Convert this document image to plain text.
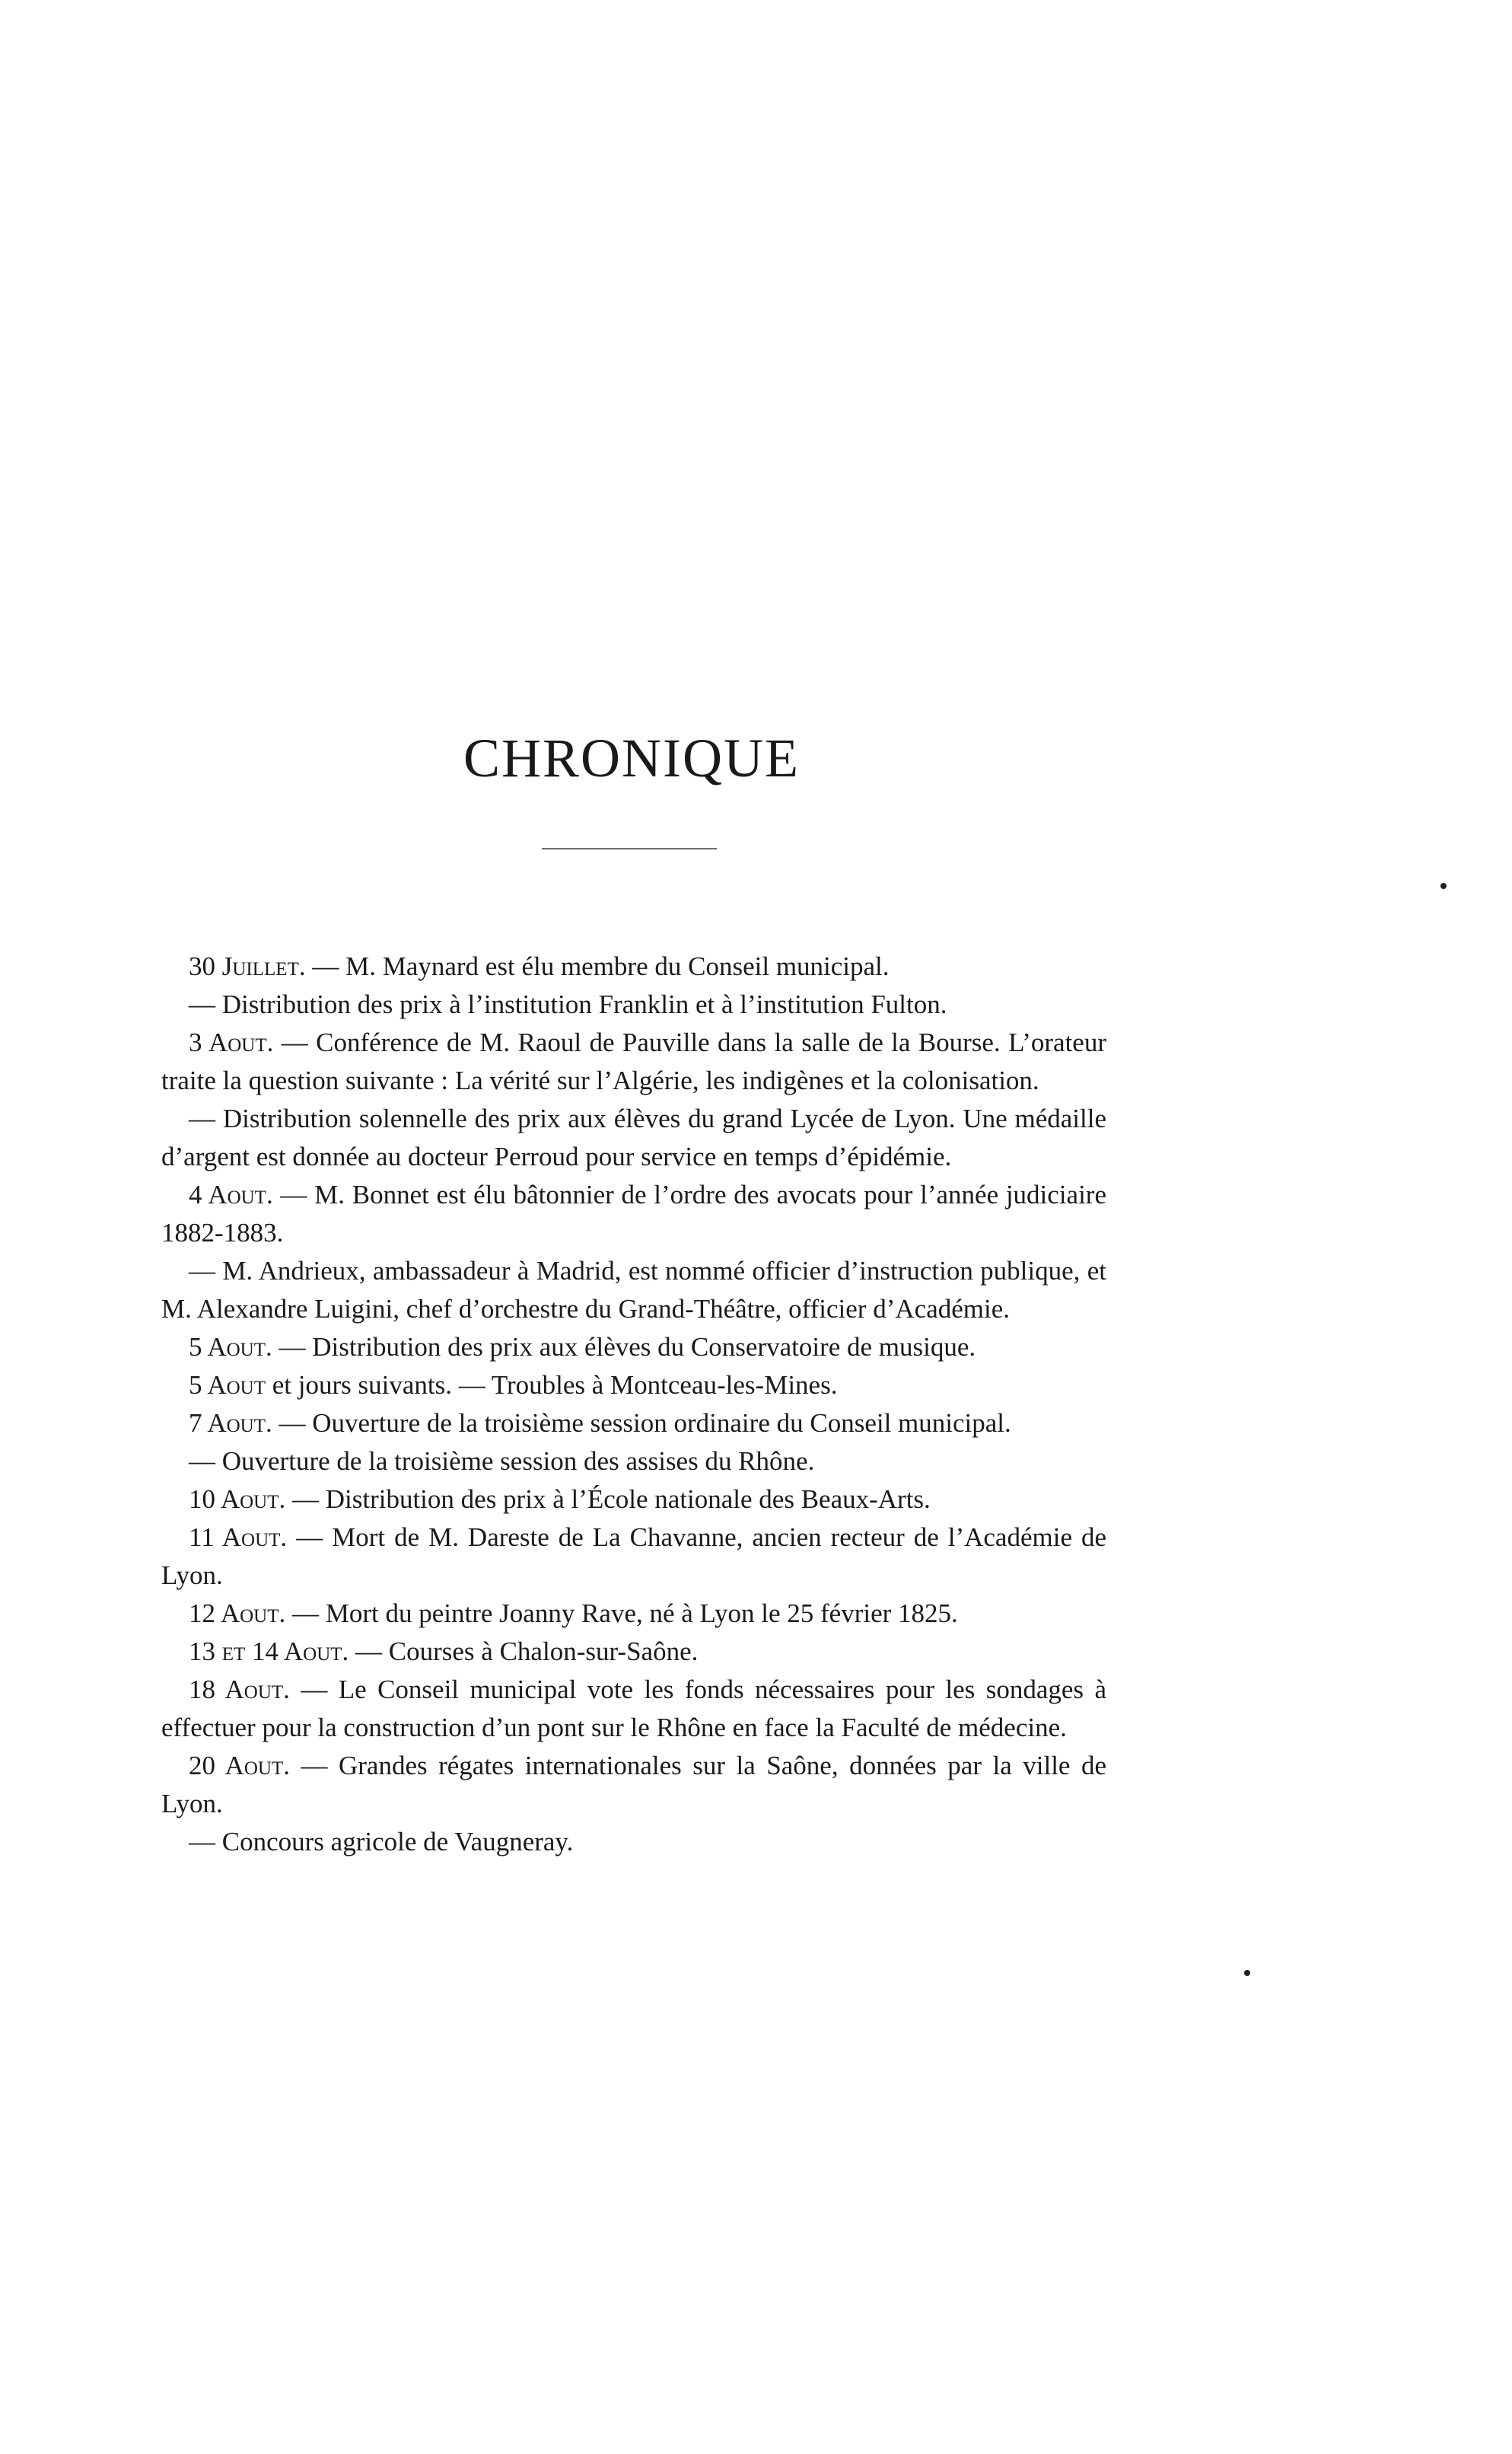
CHRONIQUE

30 Juillet. — M. Maynard est élu membre du Conseil municipal.

— Distribution des prix à l’institution Franklin et à l’institution Fulton.

3 Aout. — Conférence de M. Raoul de Pauville dans la salle de la Bourse. L’orateur traite la question suivante : La vérité sur l’Algérie, les indigènes et la colonisation.

— Distribution solennelle des prix aux élèves du grand Lycée de Lyon. Une médaille d’argent est donnée au docteur Perroud pour service en temps d’épidémie.

4 Aout. — M. Bonnet est élu bâtonnier de l’ordre des avocats pour l’année judiciaire 1882-1883.

— M. Andrieux, ambassadeur à Madrid, est nommé officier d’instruction publique, et M. Alexandre Luigini, chef d’orchestre du Grand-Théâtre, officier d’Académie.

5 Aout. — Distribution des prix aux élèves du Conservatoire de musique.

5 Aout et jours suivants. — Troubles à Montceau-les-Mines.

7 Aout. — Ouverture de la troisième session ordinaire du Conseil municipal.

— Ouverture de la troisième session des assises du Rhône.

10 Aout. — Distribution des prix à l’École nationale des Beaux-Arts.

11 Aout. — Mort de M. Dareste de La Chavanne, ancien recteur de l’Académie de Lyon.

12 Aout. — Mort du peintre Joanny Rave, né à Lyon le 25 février 1825.

13 et 14 Aout. — Courses à Chalon-sur-Saône.

18 Aout. — Le Conseil municipal vote les fonds nécessaires pour les sondages à effectuer pour la construction d’un pont sur le Rhône en face la Faculté de médecine.

20 Aout. — Grandes régates internationales sur la Saône, données par la ville de Lyon.

— Concours agricole de Vaugneray.
